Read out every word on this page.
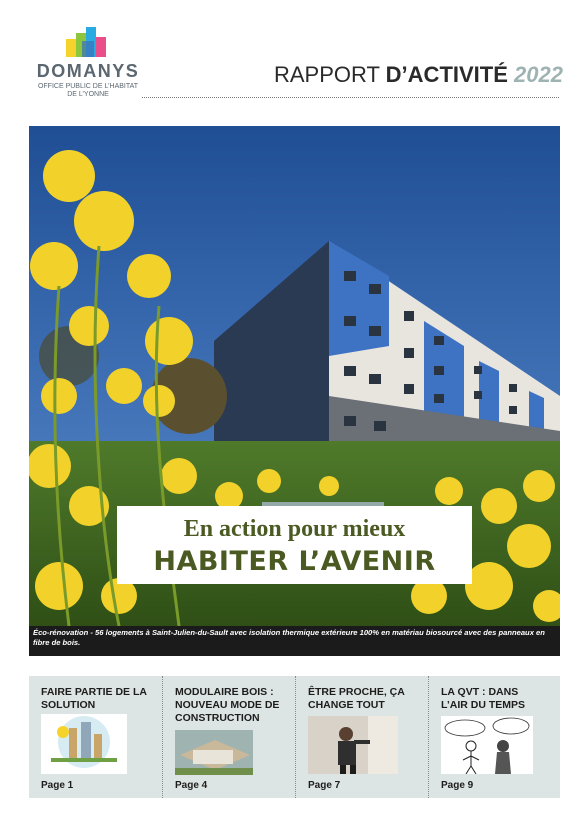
DOMANYS
OFFICE PUBLIC DE L’HABITAT
DE L’YONNE
RAPPORT D’ACTIVITÉ 2022
En action pour mieux
HABITER L’AVENIR
Éco-rénovation - 56 logements à Saint-Julien-du-Sault avec isolation thermique extérieure 100% en matériau biosourcé avec des panneaux en fibre de bois.
FAIRE PARTIE DE LA SOLUTION
Page 1
MODULAIRE BOIS : NOUVEAU MODE DE CONSTRUCTION
Page 4
ÊTRE PROCHE, ÇA CHANGE TOUT
Page 7
LA QVT : DANS L’AIR DU TEMPS
Page 9
